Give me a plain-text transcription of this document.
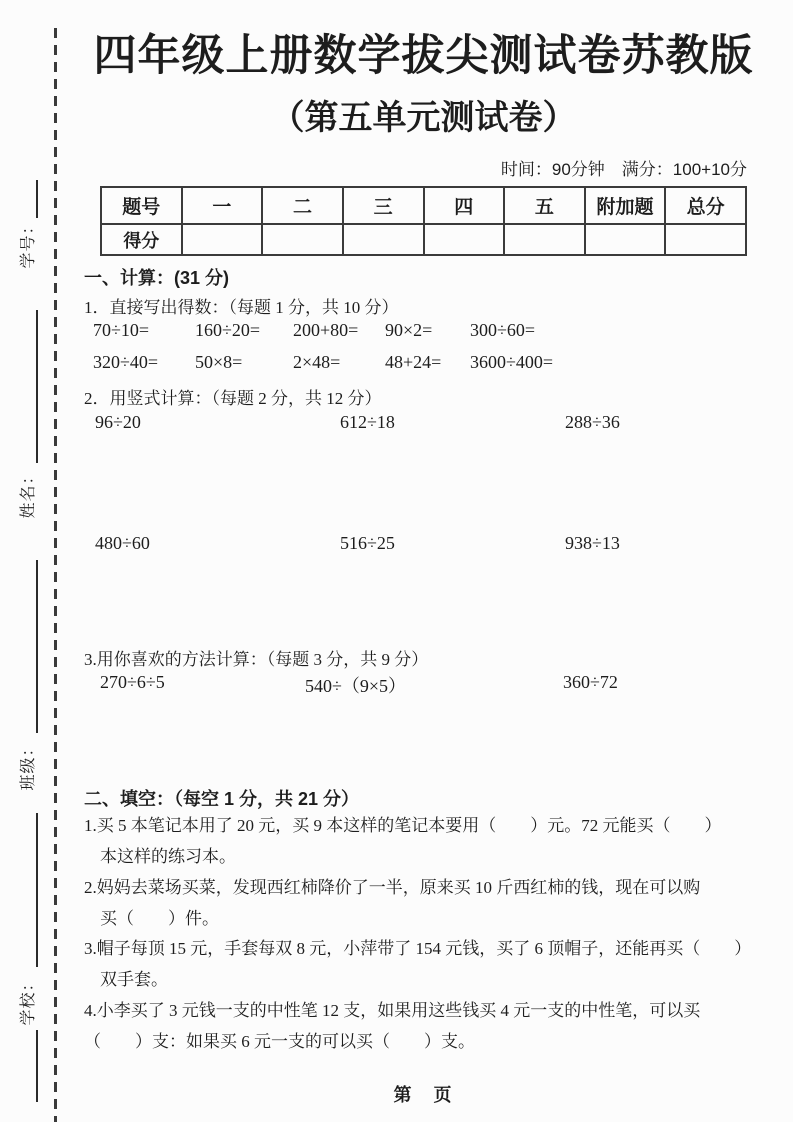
学号：
姓名：
班级：
学校：
四年级上册数学拔尖测试卷苏教版
（第五单元测试卷）
时间：90分钟　满分：100+10分
题号	一	二	三	四	五	附加题	总分
得分							
一、计算：(31 分)
1．直接写出得数：（每题 1 分，共 10 分）
70÷10=	160÷20=	200+80=	90×2=	300÷60=
320÷40=	50×8=	2×48=	48+24=	3600÷400=
2．用竖式计算：（每题 2 分，共 12 分）
96÷20	612÷18	288÷36
480÷60	516÷25	938÷13
3.用你喜欢的方法计算：（每题 3 分，共 9 分）
270÷6÷5	540÷（9×5）	360÷72
二、填空：（每空 1 分，共 21 分）
1.买 5 本笔记本用了 20 元，买 9 本这样的笔记本要用（　　）元。72 元能买（　　）
本这样的练习本。
2.妈妈去菜场买菜，发现西红柿降价了一半，原来买 10 斤西红柿的钱，现在可以购
买（　　）件。
3.帽子每顶 15 元，手套每双 8 元，小萍带了 154 元钱，买了 6 顶帽子，还能再买（　　）
双手套。
4.小李买了 3 元钱一支的中性笔 12 支，如果用这些钱买 4 元一支的中性笔，可以买
（　　）支：如果买 6 元一支的可以买（　　）支。
第　页
